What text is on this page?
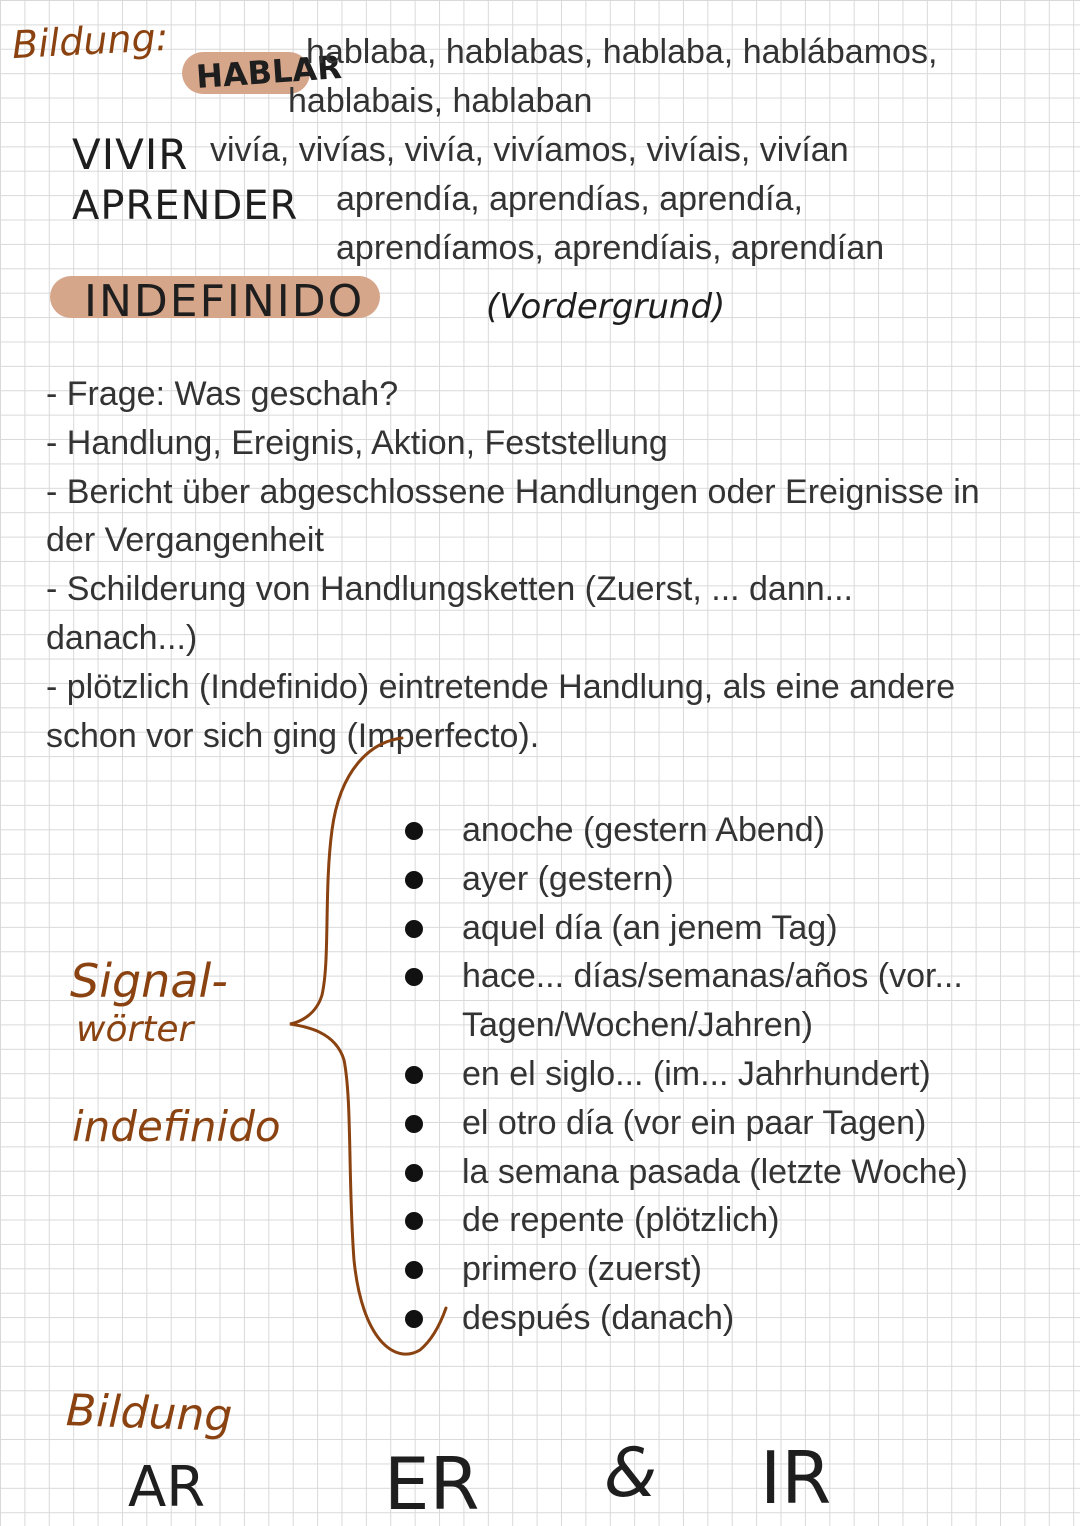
Bildung:
HABLAR
hablaba, hablabas, hablaba, hablábamos,
hablabais, hablaban
VIVIR vivía, vivías, vivía, vivíamos, vivíais, vivían
APRENDER aprendía, aprendías, aprendía,
aprendíamos, aprendíais, aprendían
INDEFINIDO	(Vordergrund)
- Frage: Was geschah?
- Handlung, Ereignis, Aktion, Feststellung
- Bericht über abgeschlossene Handlungen oder Ereignisse in der Vergangenheit
- Schilderung von Handlungsketten (Zuerst, ... dann... danach...)
- plötzlich (Indefinido) eintretende Handlung, als eine andere schon vor sich ging (Imperfecto).
Signal-
wörter
indefinido
anoche (gestern Abend)
ayer (gestern)
aquel día (an jenem Tag)
hace... días/semanas/años (vor... Tagen/Wochen/Jahren)
en el siglo... (im... Jahrhundert)
el otro día (vor ein paar Tagen)
la semana pasada (letzte Woche)
de repente (plötzlich)
primero (zuerst)
después (danach)
Bildung
AR ER & IR
